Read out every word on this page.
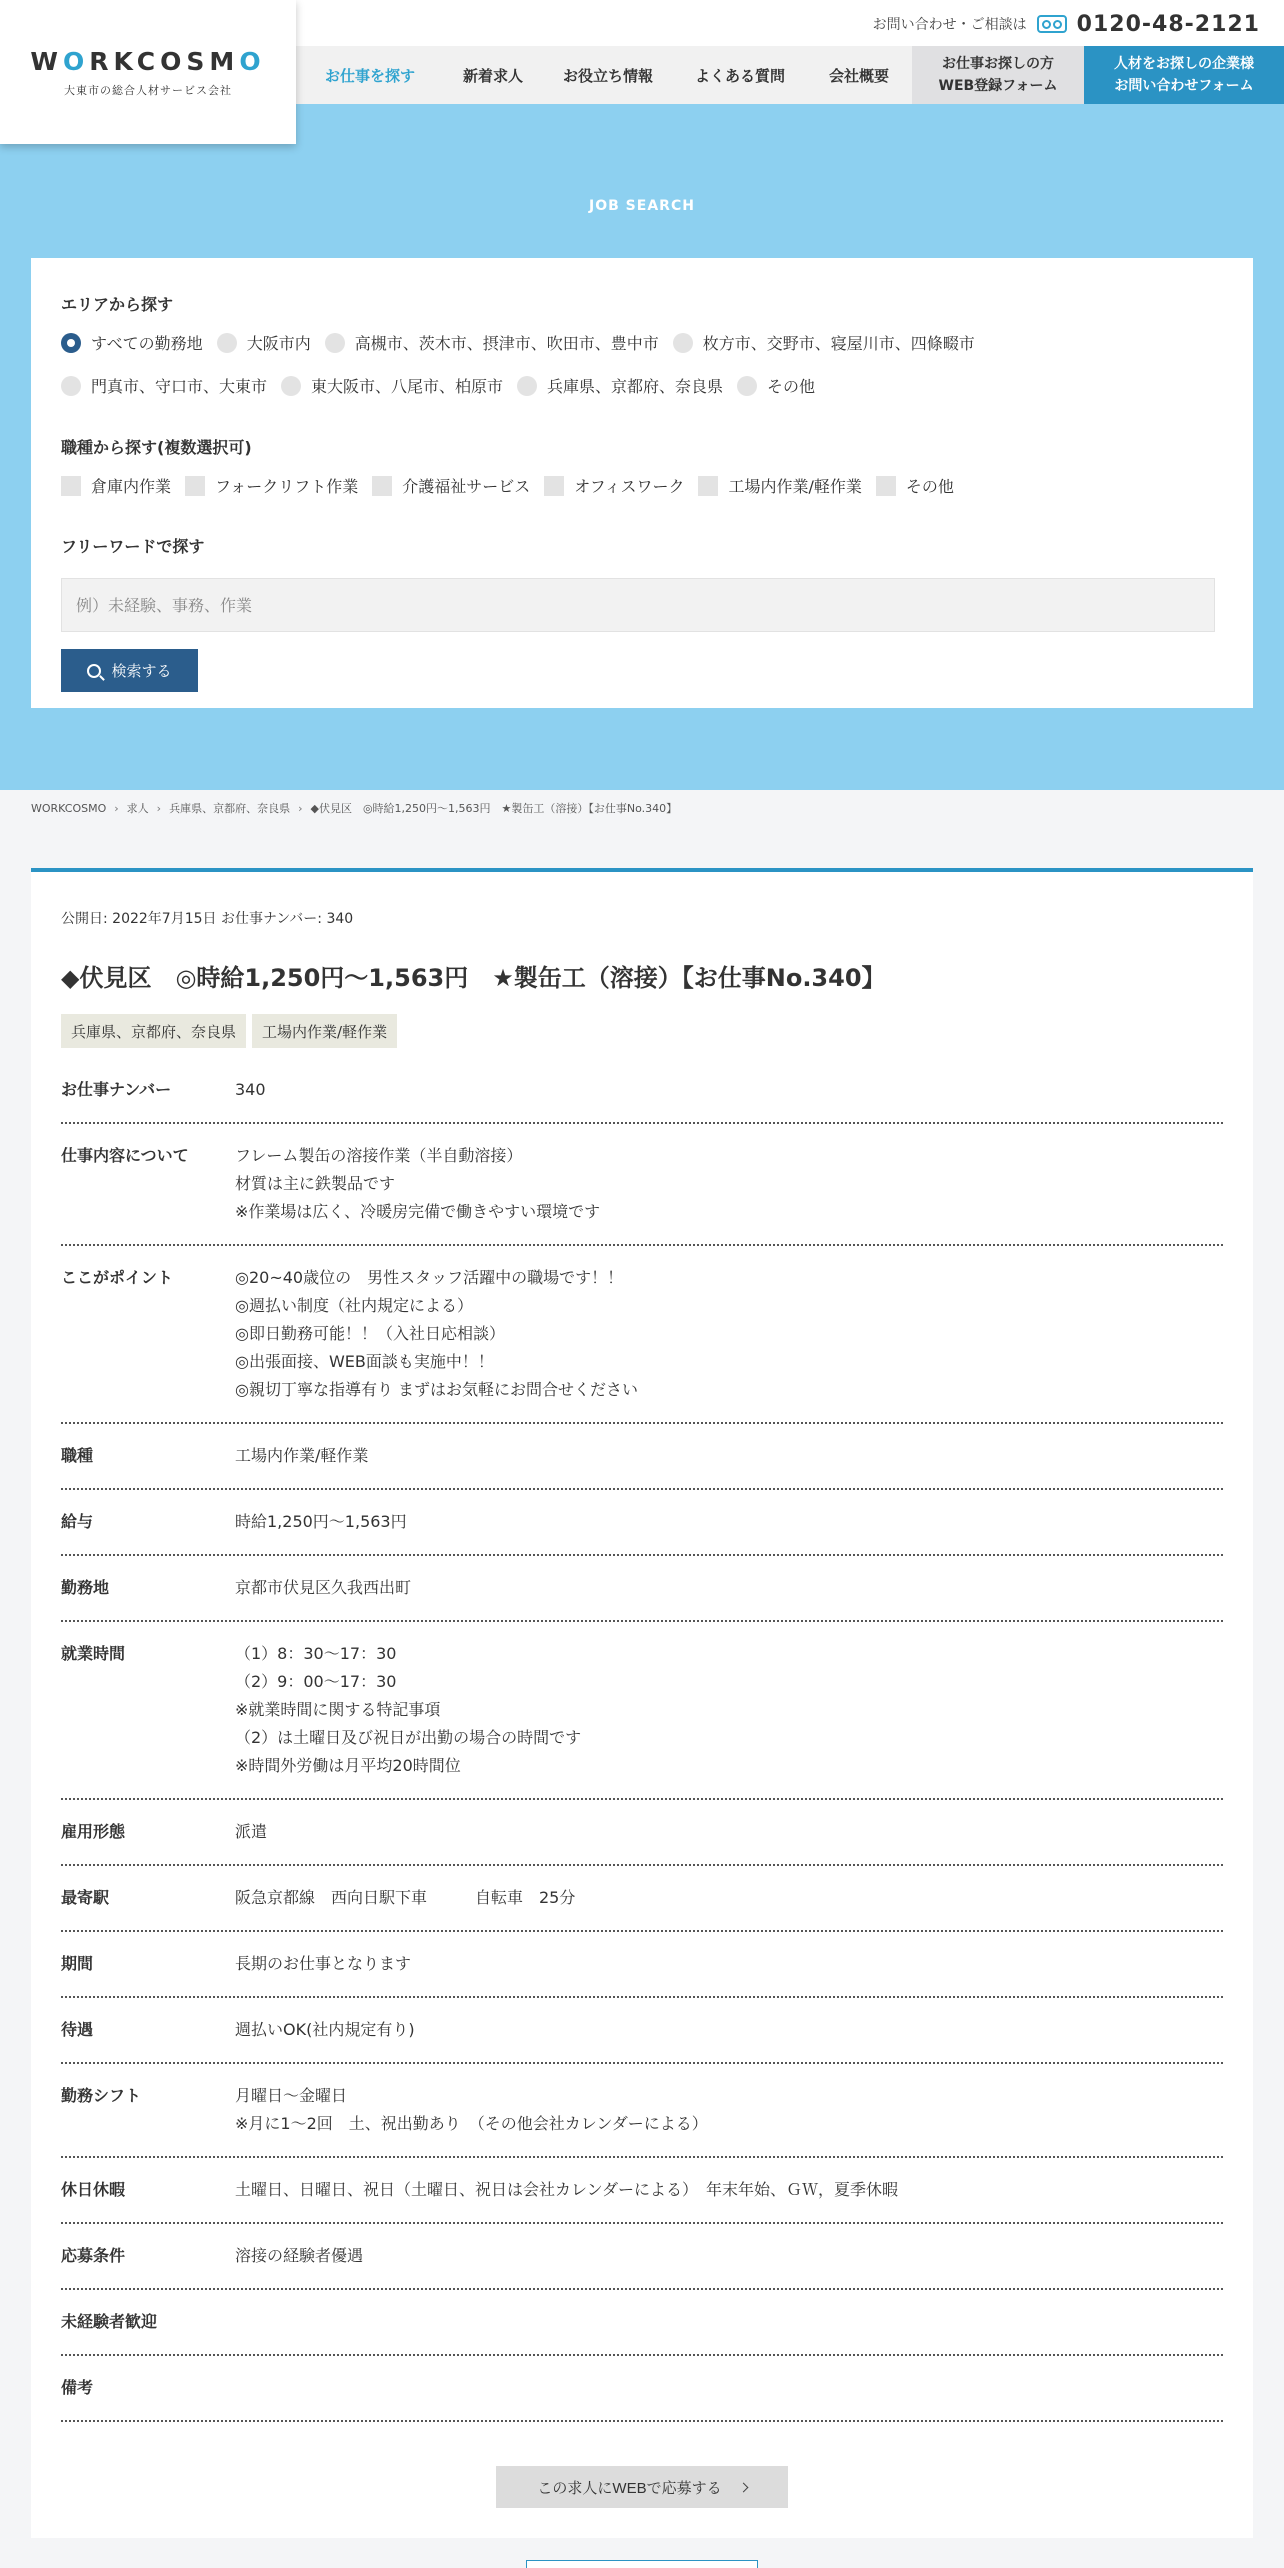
WORKCOSMO
大東市の総合人材サービス会社
お問い合わせ・ご相談は 0120-48-2121
お仕事を探す	新着求人	お役立ち情報	よくある質問	会社概要
お仕事お探しの方
WEB登録フォーム
人材をお探しの企業様
お問い合わせフォーム
JOB SEARCH
エリアから探す
すべての勤務地	大阪市内	高槻市、茨木市、摂津市、吹田市、豊中市	枚方市、交野市、寝屋川市、四條畷市
門真市、守口市、大東市	東大阪市、八尾市、柏原市	兵庫県、京都府、奈良県	その他
職種から探す(複数選択可)
倉庫内作業	フォークリフト作業	介護福祉サービス	オフィスワーク	工場内作業/軽作業	その他
フリーワードで探す
例）未経験、事務、作業
検索する
WORKCOSMO › 求人 › 兵庫県、京都府、奈良県 › ◆伏見区　◎時給1,250円～1,563円　★製缶工（溶接）【お仕事No.340】
公開日: 2022年7月15日 お仕事ナンバー: 340
◆伏見区　◎時給1,250円～1,563円　★製缶工（溶接）【お仕事No.340】
兵庫県、京都府、奈良県	工場内作業/軽作業
お仕事ナンバー	340
仕事内容について	フレーム製缶の溶接作業（半自動溶接）
材質は主に鉄製品です
※作業場は広く、冷暖房完備で働きやすい環境です
ここがポイント	◎20~40歳位の　男性スタッフ活躍中の職場です！！
◎週払い制度（社内規定による）
◎即日勤務可能！！（入社日応相談）
◎出張面接、WEB面談も実施中！！
◎親切丁寧な指導有り まずはお気軽にお問合せください
職種	工場内作業/軽作業
給与	時給1,250円～1,563円
勤務地	京都市伏見区久我西出町
就業時間	（1）8：30～17：30
（2）9：00～17：30
※就業時間に関する特記事項
（2）は土曜日及び祝日が出勤の場合の時間です
※時間外労働は月平均20時間位
雇用形態	派遣
最寄駅	阪急京都線　西向日駅下車　　　自転車　25分
期間	長期のお仕事となります
待遇	週払いOK(社内規定有り)
勤務シフト	月曜日～金曜日
※月に1～2回　土、祝出勤あり　（その他会社カレンダーによる）
休日休暇	土曜日、日曜日、祝日（土曜日、祝日は会社カレンダーによる）　年末年始、ＧＷ，夏季休暇
応募条件	溶接の経験者優遇
未経験者歓迎
備考
この求人にWEBで応募する
